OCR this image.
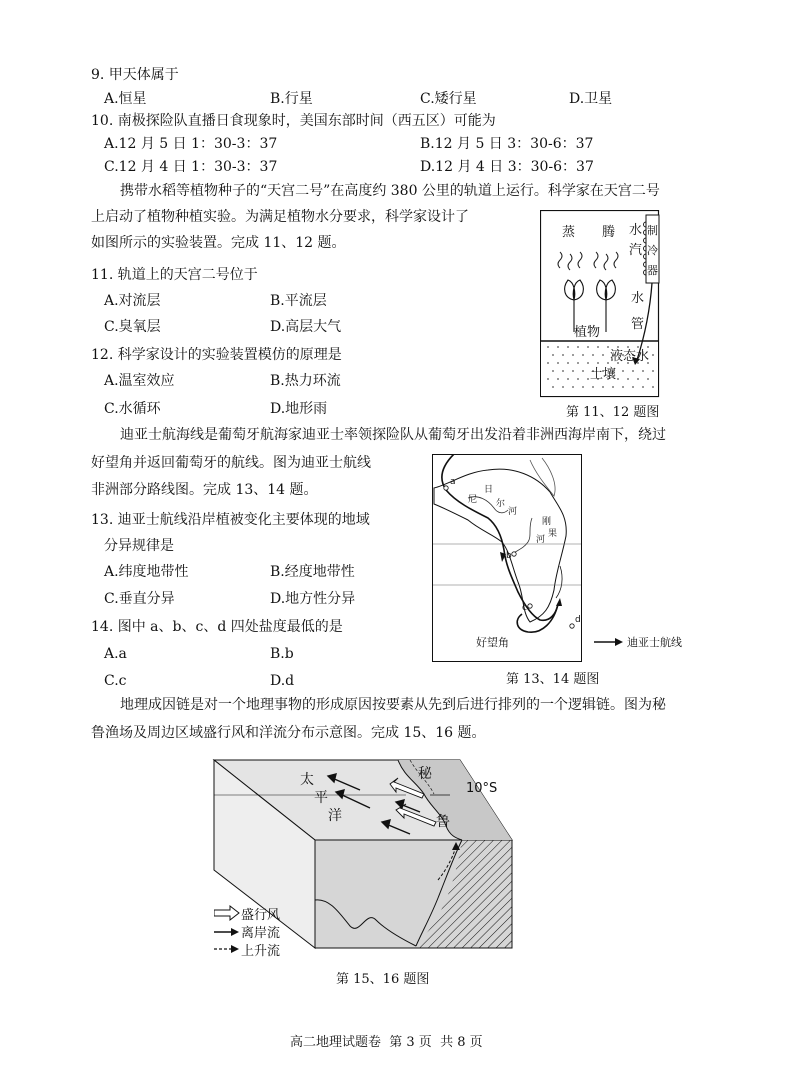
9. 甲天体属于
A.恒星	B.行星	C.矮行星	D.卫星
10. 南极探险队直播日食现象时，美国东部时间（西五区）可能为
A.12 月 5 日 1：30-3：37	B.12 月 5 日 3：30-6：37
C.12 月 4 日 1：30-3：37	D.12 月 4 日 3：30-6：37
携带水稻等植物种子的“天宫二号”在高度约 380 公里的轨道上运行。科学家在天宫二号
上启动了植物种植实验。为满足植物水分要求，科学家设计了
如图所示的实验装置。完成 11、12 题。
11. 轨道上的天宫二号位于
A.对流层	B.平流层
C.臭氧层	D.高层大气
12. 科学家设计的实验装置模仿的原理是
A.温室效应	B.热力环流
C.水循环	D.地形雨
蒸 腾 水
汽
制
冷
器
水
管
植物
液态水
土壤
第 11、12 题图
迪亚士航海线是葡萄牙航海家迪亚士率领探险队从葡萄牙出发沿着非洲西海岸南下，绕过
好望角并返回葡萄牙的航线。图为迪亚士航线
非洲部分路线图。完成 13、14 题。
13. 迪亚士航线沿岸植被变化主要体现的地域
分异规律是
A.纬度地带性	B.经度地带性
C.垂直分异	D.地方性分异
14. 图中 a、b、c、d 四处盐度最低的是
A.a	B.b
C.c	D.d
尼
日
尔
河
刚
果
河
a
b
c
d
好望角	迪亚士航线
第 13、14 题图
地理成因链是对一个地理事物的形成原因按要素从先到后进行排列的一个逻辑链。图为秘
鲁渔场及周边区域盛行风和洋流分布示意图。完成 15、16 题。
太
平
洋
秘
鲁
10°S
盛行风
离岸流
上升流
第 15、16 题图
高二地理试题卷  第 3 页  共 8 页
